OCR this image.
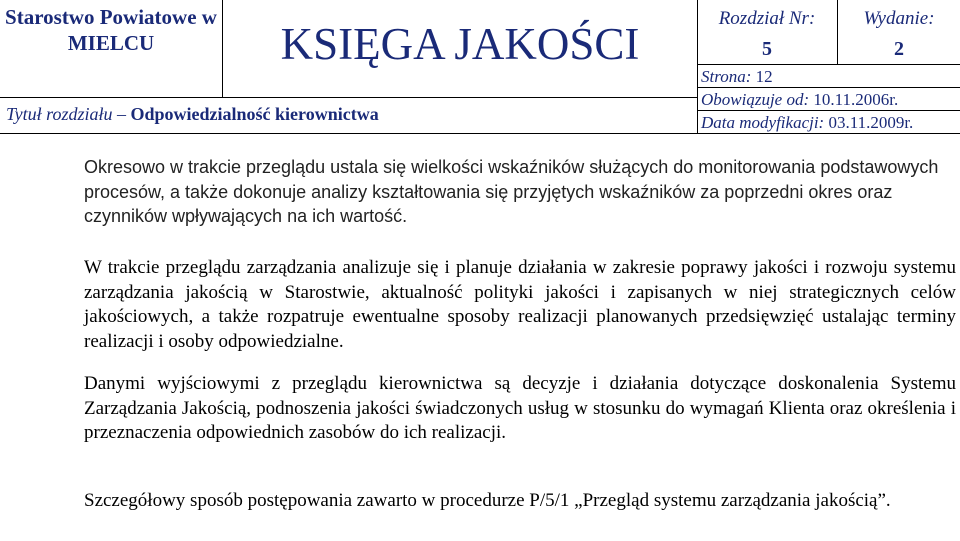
Starostwo Powiatowe w MIELCU	KSIĘGA JAKOŚCI
Tytuł rozdziału – Odpowiedzialność kierownictwa
Rozdział Nr:
5
Wydanie:
2
Strona: 12
Obowiązuje od: 10.11.2006r.
Data modyfikacji: 03.11.2009r.
Okresowo w trakcie przeglądu ustala się wielkości wskaźników służących do monitorowania podstawowych procesów, a także dokonuje analizy kształtowania się przyjętych wskaźników za poprzedni okres oraz czynników wpływających na ich wartość.
W trakcie przeglądu zarządzania analizuje się i planuje działania w zakresie poprawy jakości i rozwoju systemu zarządzania jakością w Starostwie, aktualność polityki jakości i zapisanych w niej strategicznych celów jakościowych, a także rozpatruje ewentualne sposoby realizacji planowanych przedsięwzięć ustalając terminy realizacji i osoby odpowiedzialne.
Danymi wyjściowymi z przeglądu kierownictwa są decyzje i działania dotyczące doskonalenia Systemu Zarządzania Jakością, podnoszenia jakości świadczonych usług w stosunku do wymagań Klienta oraz określenia i przeznaczenia odpowiednich zasobów do ich realizacji.
Szczegółowy sposób postępowania zawarto w procedurze P/5/1 „Przegląd systemu zarządzania jakością”.
